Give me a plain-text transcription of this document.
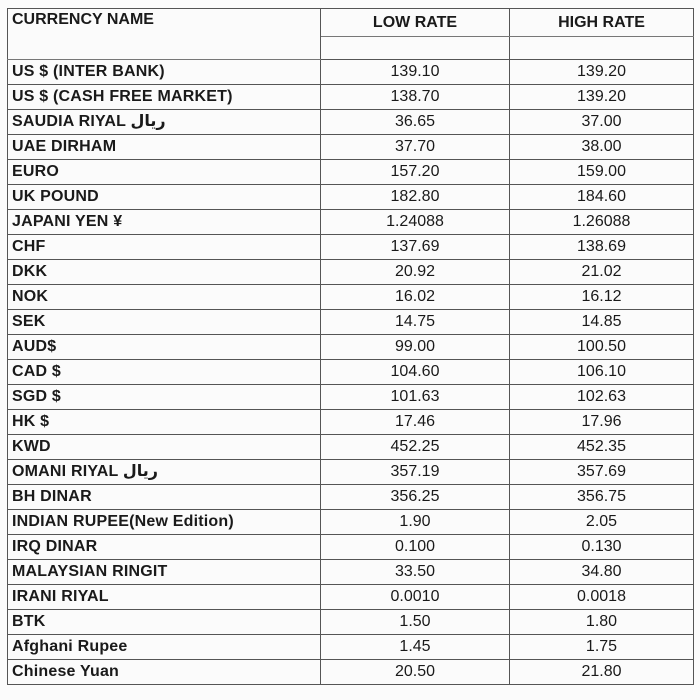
CURRENCY NAME	LOW RATE	HIGH RATE

US $ (INTER BANK)	139.10	139.20
US $ (CASH FREE MARKET)	138.70	139.20
SAUDIA RIYAL ريال	36.65	37.00
UAE DIRHAM	37.70	38.00
EURO	157.20	159.00
UK POUND	182.80	184.60
JAPANI YEN ¥	1.24088	1.26088
CHF	137.69	138.69
DKK	20.92	21.02
NOK	16.02	16.12
SEK	14.75	14.85
AUD$	99.00	100.50
CAD $	104.60	106.10
SGD $	101.63	102.63
HK $	17.46	17.96
KWD	452.25	452.35
OMANI RIYAL ريال	357.19	357.69
BH DINAR	356.25	356.75
INDIAN RUPEE(New Edition)	1.90	2.05
IRQ DINAR	0.100	0.130
MALAYSIAN RINGIT	33.50	34.80
IRANI RIYAL	0.0010	0.0018
BTK	1.50	1.80
Afghani Rupee	1.45	1.75
Chinese Yuan	20.50	21.80
